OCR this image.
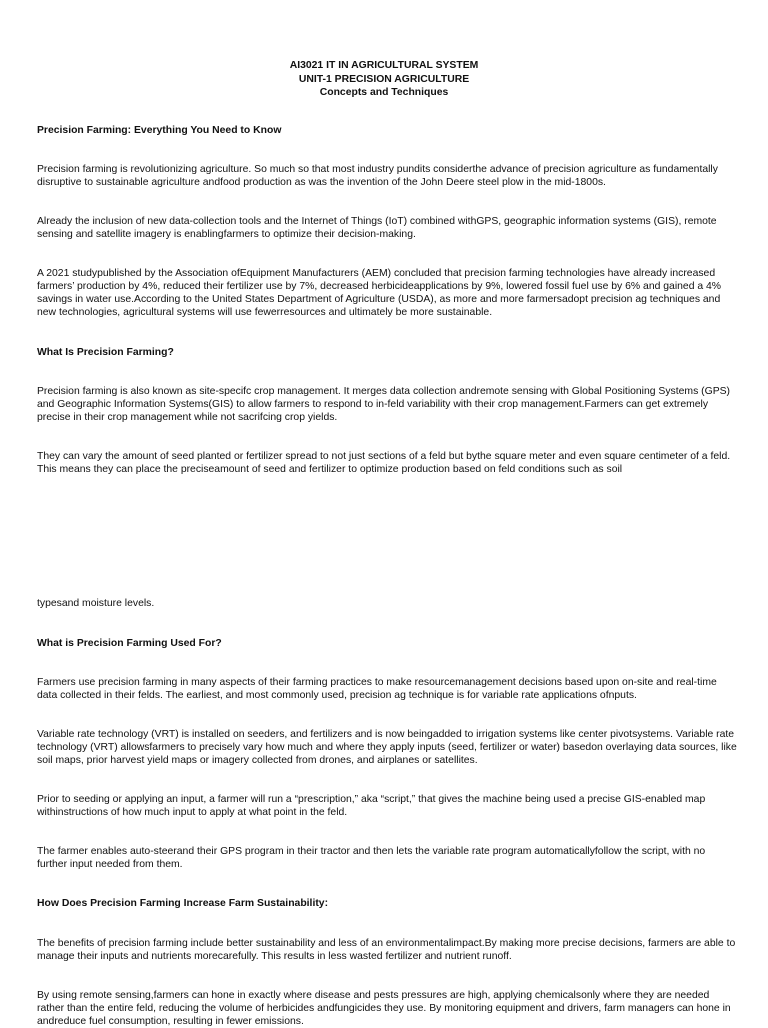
AI3021 IT IN AGRICULTURAL SYSTEM
UNIT-1 PRECISION AGRICULTURE
Concepts and Techniques

Precision Farming: Everything You Need to Know

Precision farming is revolutionizing agriculture. So much so that most industry pundits considerthe advance of precision agriculture as fundamentally disruptive to sustainable agriculture andfood production as was the invention of the John Deere steel plow in the mid-1800s.

Already the inclusion of new data-collection tools and the Internet of Things (IoT) combined withGPS, geographic information systems (GIS), remote sensing and satellite imagery is enablingfarmers to optimize their decision-making.

A 2021 studypublished by the Association ofEquipment Manufacturers (AEM) concluded that precision farming technologies have already increased farmers’ production by 4%, reduced their fertilizer use by 7%, decreased herbicideapplications by 9%, lowered fossil fuel use by 6% and gained a 4% savings in water use.According to the United States Department of Agriculture (USDA), as more and more farmersadopt precision ag techniques and new technologies, agricultural systems will use fewerresources and ultimately be more sustainable.

What Is Precision Farming?

Precision farming is also known as site-specifc crop management. It merges data collection andremote sensing with Global Positioning Systems (GPS) and Geographic Information Systems(GIS) to allow farmers to respond to in-feld variability with their crop management.Farmers can get extremely precise in their crop management while not sacrifcing crop yields.

They can vary the amount of seed planted or fertilizer spread to not just sections of a feld but bythe square meter and even square centimeter of a feld. This means they can place the preciseamount of seed and fertilizer to optimize production based on feld conditions such as soil

typesand moisture levels.

What is Precision Farming Used For?

Farmers use precision farming in many aspects of their farming practices to make resourcemanagement decisions based upon on-site and real-time data collected in their felds. The earliest, and most commonly used, precision ag technique is for variable rate applications ofnputs.

Variable rate technology (VRT) is installed on seeders, and fertilizers and is now beingadded to irrigation systems like center pivotsystems. Variable rate technology (VRT) allowsfarmers to precisely vary how much and where they apply inputs (seed, fertilizer or water) basedon overlaying data sources, like soil maps, prior harvest yield maps or imagery collected from drones, and airplanes or satellites.

Prior to seeding or applying an input, a farmer will run a “prescription,” aka “script,” that gives the machine being used a precise GIS-enabled map withinstructions of how much input to apply at what point in the feld.

The farmer enables auto-steerand their GPS program in their tractor and then lets the variable rate program automaticallyfollow the script, with no further input needed from them.

How Does Precision Farming Increase Farm Sustainability:

The benefits of precision farming include better sustainability and less of an environmentalimpact.By making more precise decisions, farmers are able to manage their inputs and nutrients morecarefully. This results in less wasted fertilizer and nutrient runoff.

By using remote sensing,farmers can hone in exactly where disease and pests pressures are high, applying chemicalsonly where they are needed rather than the entire feld, reducing the volume of herbicides andfungicides they use. By monitoring equipment and drivers, farm managers can hone in andreduce fuel consumption, resulting in fewer emissions.
